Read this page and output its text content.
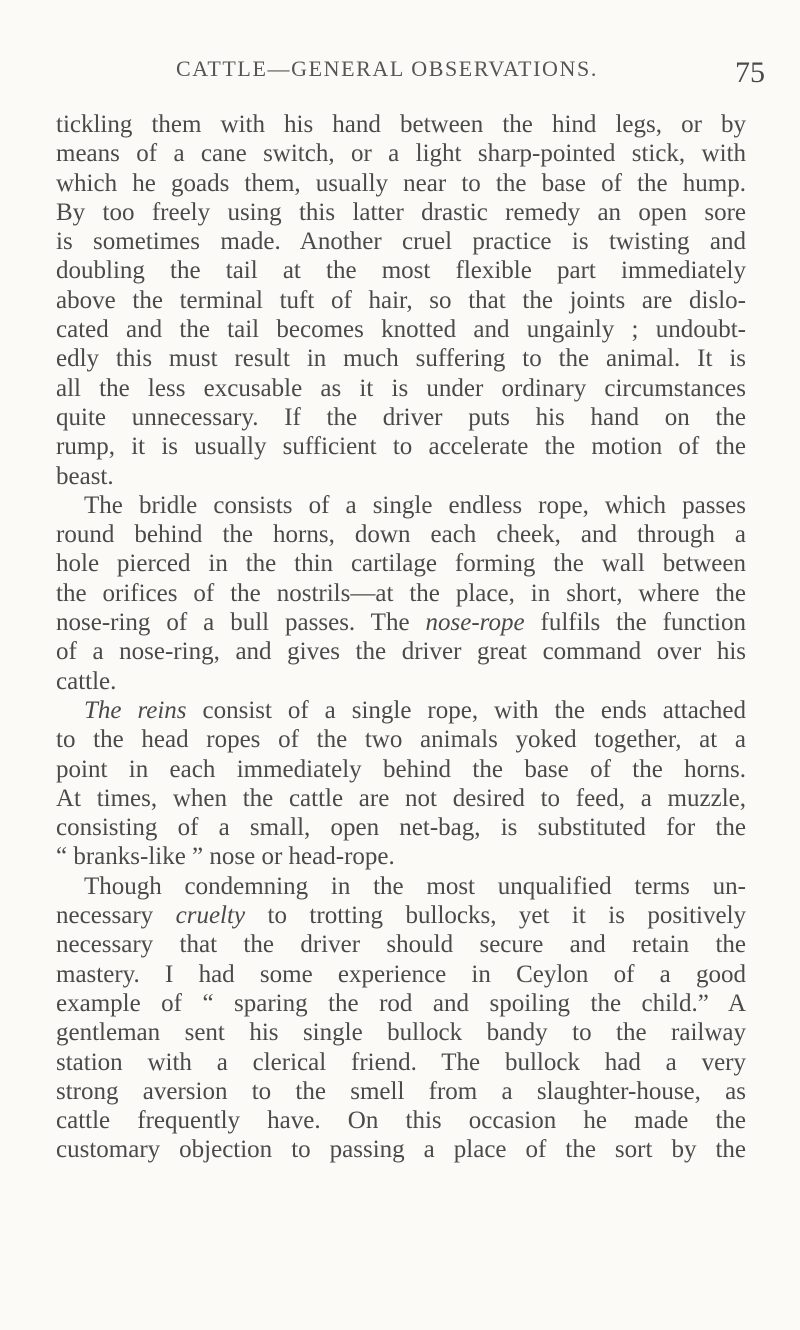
CATTLE—GENERAL OBSERVATIONS.	75

tickling them with his hand between the hind legs, or by
means of a cane switch, or a light sharp-pointed stick, with
which he goads them, usually near to the base of the hump.
By too freely using this latter drastic remedy an open sore
is sometimes made. Another cruel practice is twisting and
doubling the tail at the most flexible part immediately
above the terminal tuft of hair, so that the joints are dislo-
cated and the tail becomes knotted and ungainly ; undoubt-
edly this must result in much suffering to the animal. It is
all the less excusable as it is under ordinary circumstances
quite unnecessary. If the driver puts his hand on the
rump, it is usually sufficient to accelerate the motion of the
beast.

The bridle consists of a single endless rope, which passes
round behind the horns, down each cheek, and through a
hole pierced in the thin cartilage forming the wall between
the orifices of the nostrils—at the place, in short, where the
nose-ring of a bull passes. The nose-rope fulfils the function
of a nose-ring, and gives the driver great command over his
cattle.

The reins consist of a single rope, with the ends attached
to the head ropes of the two animals yoked together, at a
point in each immediately behind the base of the horns.
At times, when the cattle are not desired to feed, a muzzle,
consisting of a small, open net-bag, is substituted for the
“ branks-like ” nose or head-rope.

Though condemning in the most unqualified terms un-
necessary cruelty to trotting bullocks, yet it is positively
necessary that the driver should secure and retain the
mastery. I had some experience in Ceylon of a good
example of “ sparing the rod and spoiling the child.” A
gentleman sent his single bullock bandy to the railway
station with a clerical friend. The bullock had a very
strong aversion to the smell from a slaughter-house, as
cattle frequently have. On this occasion he made the
customary objection to passing a place of the sort by the
